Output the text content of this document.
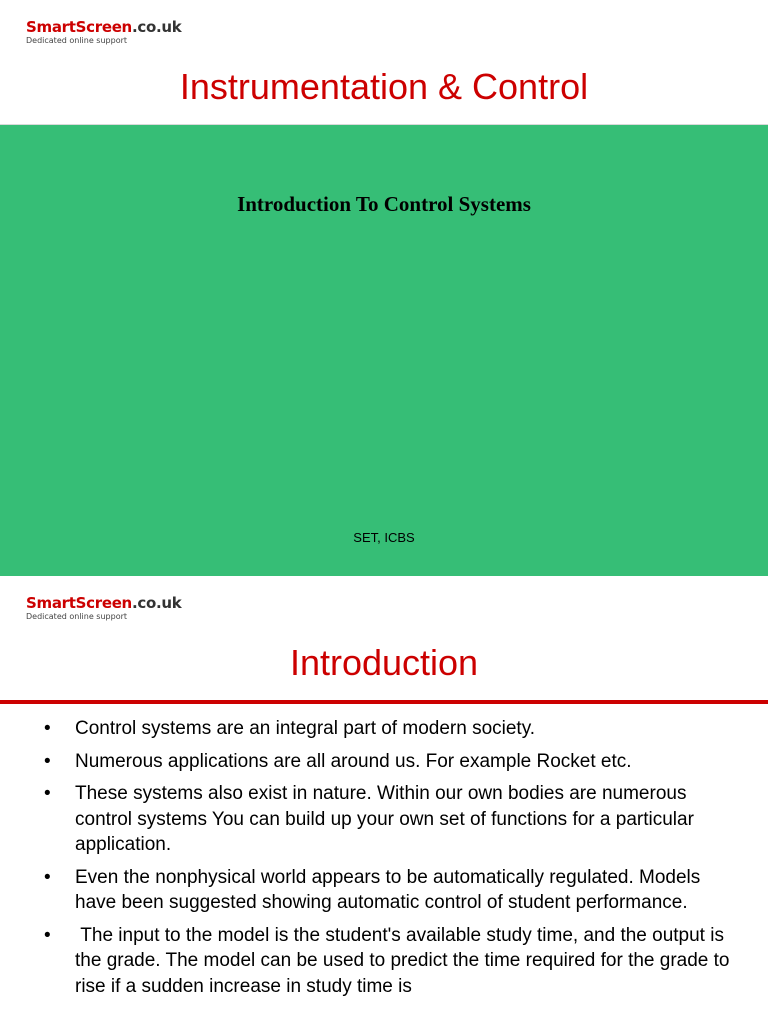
SmartScreen.co.uk
Dedicated online support
Instrumentation & Control
Introduction To Control Systems
SET, ICBS
SmartScreen.co.uk
Dedicated online support
Introduction
• Control systems are an integral part of modern society.
• Numerous applications are all around us. For example Rocket etc.
• These systems also exist in nature. Within our own bodies are numerous control systems You can build up your own set of functions for a particular application.
• Even the nonphysical world appears to be automatically regulated. Models have been suggested showing automatic control of student performance.
• The input to the model is the student's available study time, and the output is the grade. The model can be used to predict the time required for the grade to rise if a sudden increase in study time is
